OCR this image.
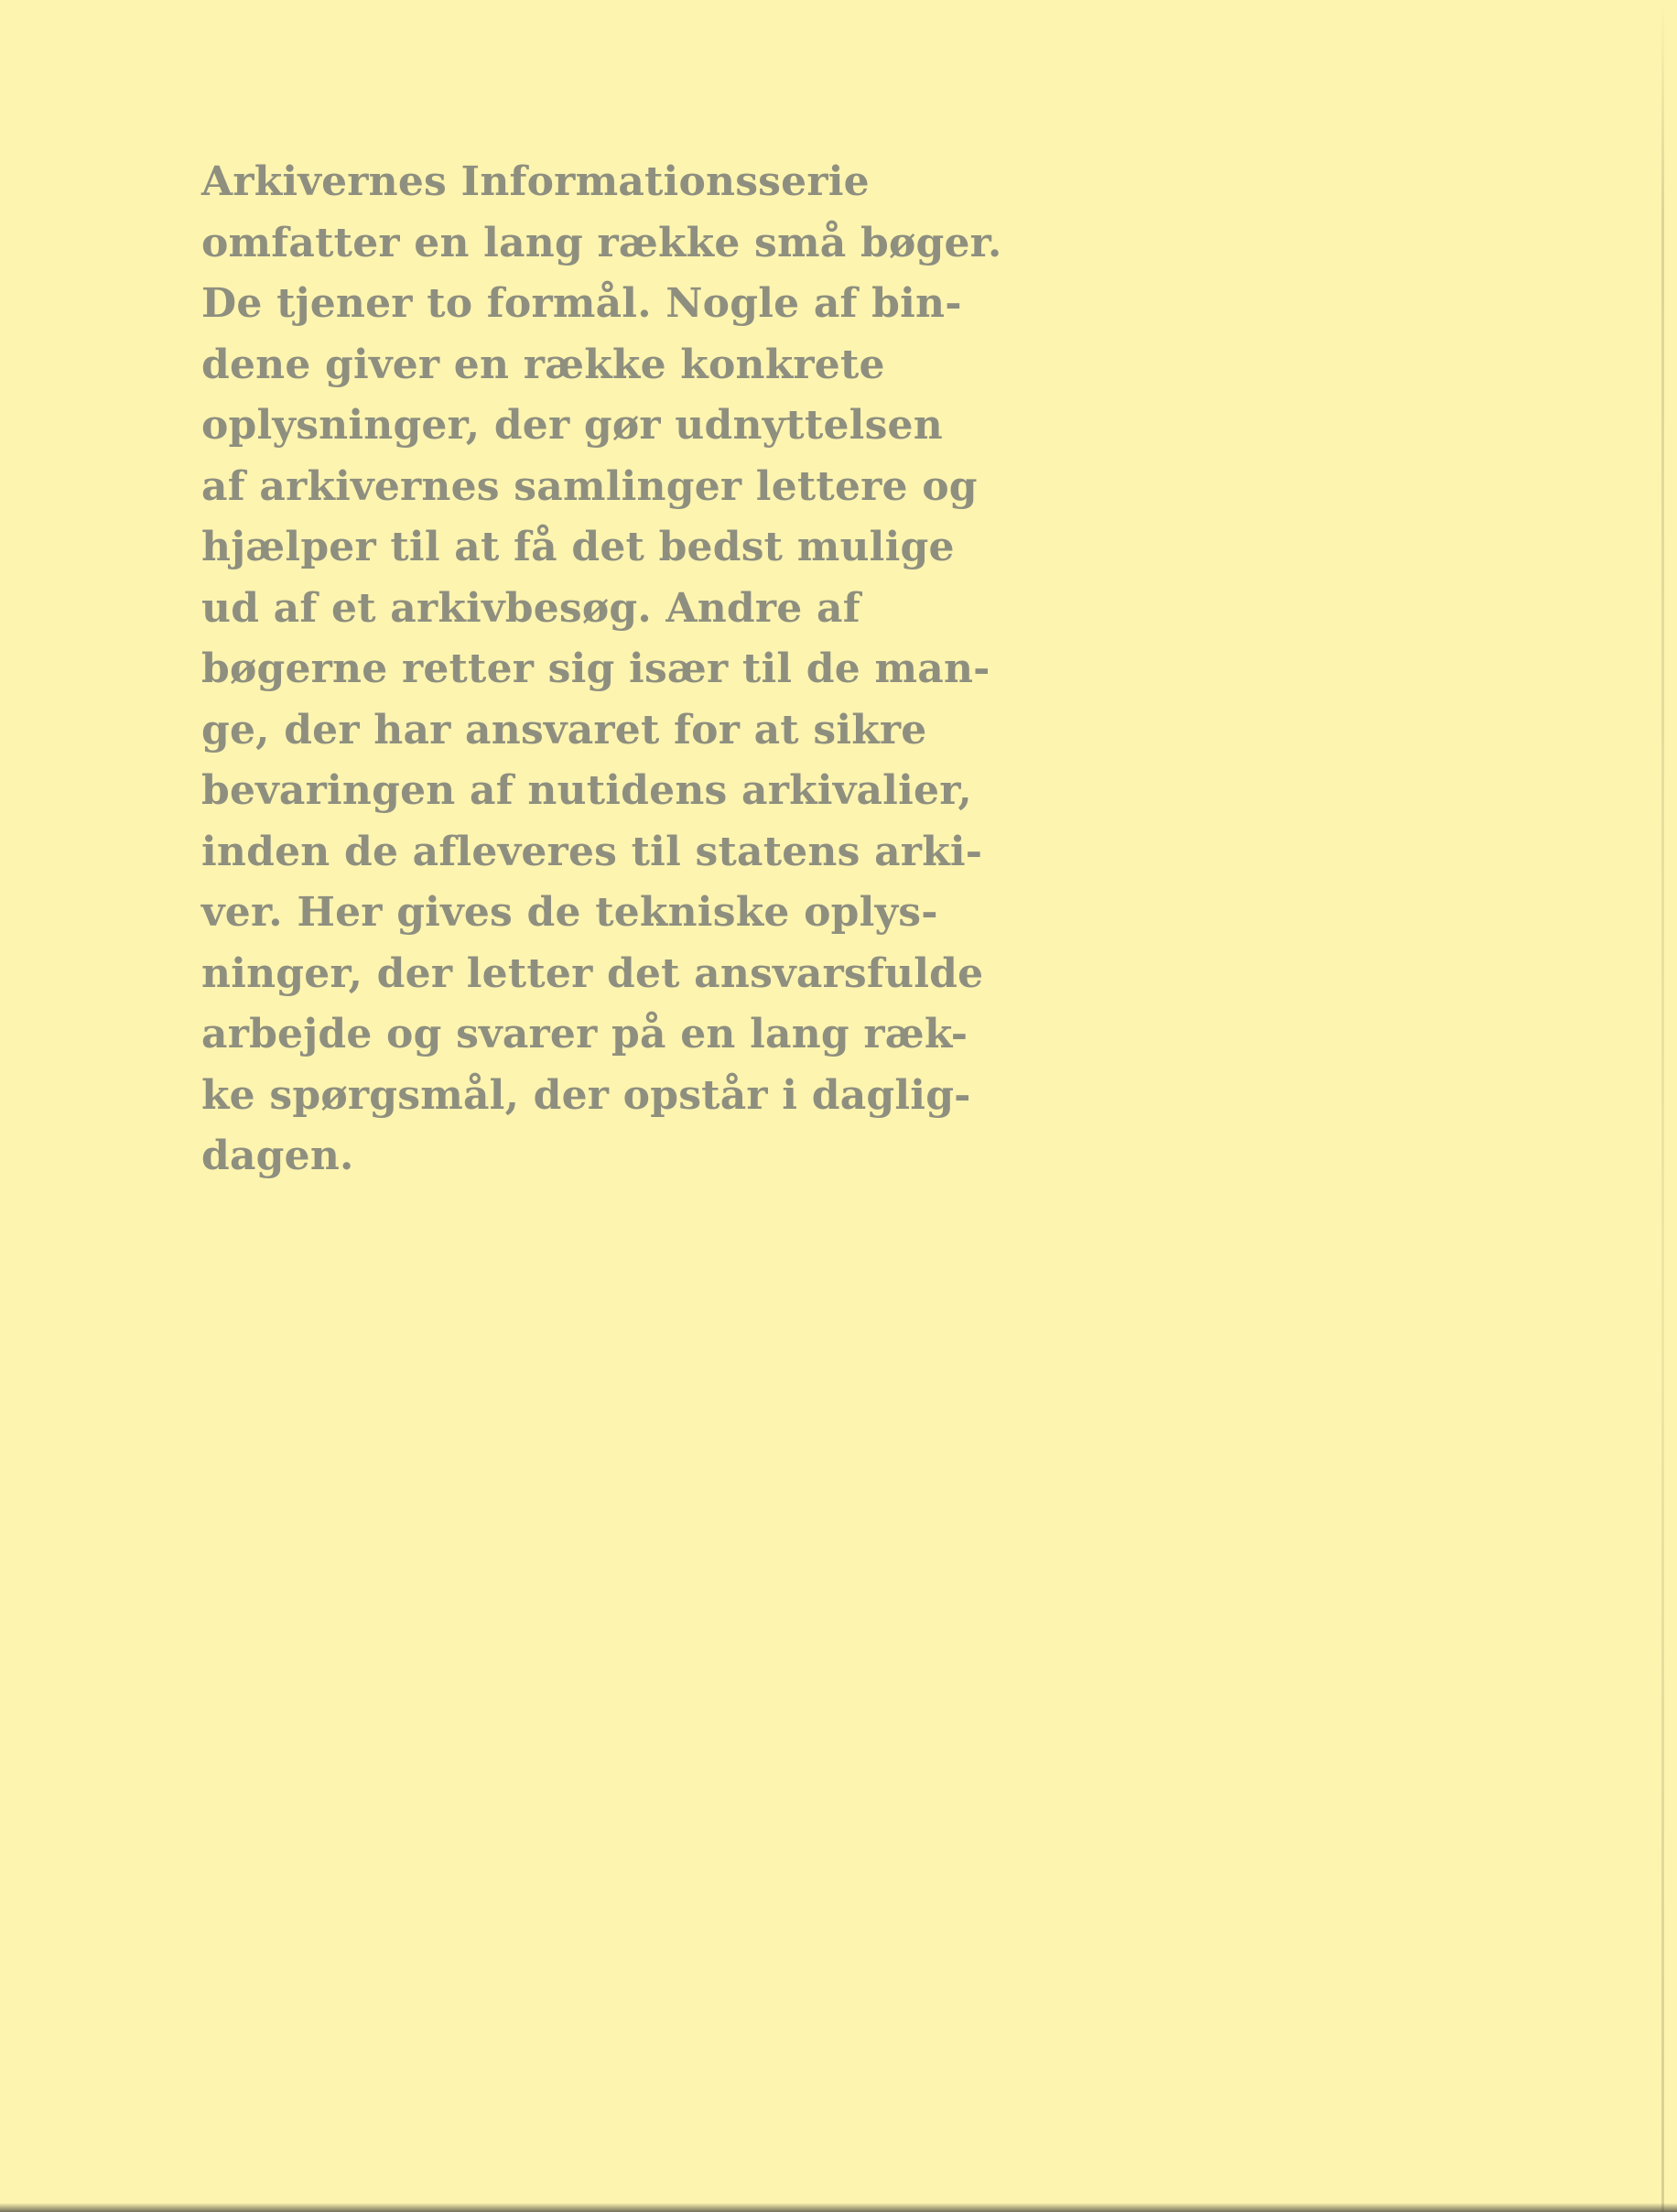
Arkivernes Informationsserie
omfatter en lang række små bøger.
De tjener to formål. Nogle af bin-
dene giver en række konkrete
oplysninger, der gør udnyttelsen
af arkivernes samlinger lettere og
hjælper til at få det bedst mulige
ud af et arkivbesøg. Andre af
bøgerne retter sig især til de man-
ge, der har ansvaret for at sikre
bevaringen af nutidens arkivalier,
inden de afleveres til statens arki-
ver. Her gives de tekniske oplys-
ninger, der letter det ansvarsfulde
arbejde og svarer på en lang ræk-
ke spørgsmål, der opstår i daglig-
dagen.
